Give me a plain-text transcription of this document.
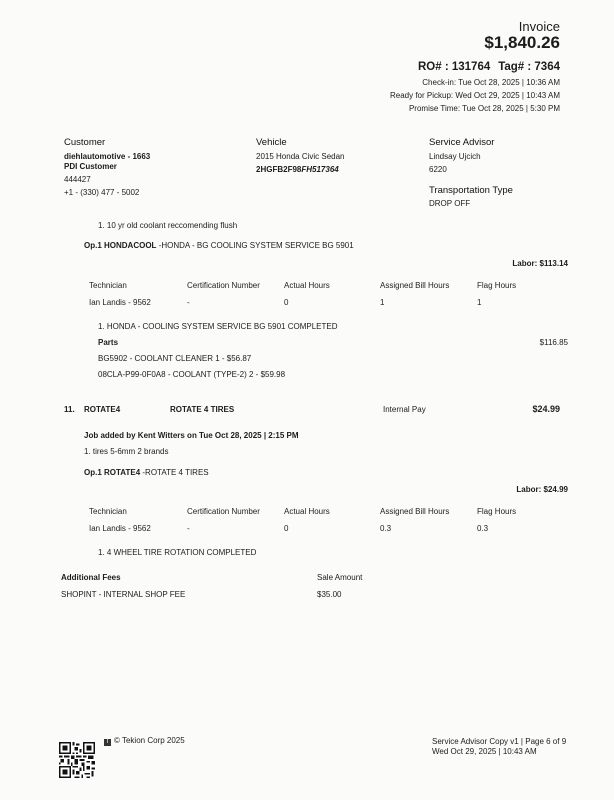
Invoice
$1,840.26
RO# : 131764 Tag# : 7364
Check-in: Tue Oct 28, 2025 | 10:36 AM
Ready for Pickup: Wed Oct 29, 2025 | 10:43 AM
Promise Time: Tue Oct 28, 2025 | 5:30 PM
Customer
diehlautomotive - 1663
PDI Customer
444427
+1 - (330) 477 - 5002
Vehicle
2015 Honda Civic Sedan
2HGFB2F98FH517364
Service Advisor
Lindsay Ujcich
6220
Transportation Type
DROP OFF
1. 10 yr old coolant reccomending flush
Op.1 HONDACOOL -HONDA - BG COOLING SYSTEM SERVICE BG 5901
Labor: $113.14
Technician	Certification Number	Actual Hours	Assigned Bill Hours	Flag Hours
Ian Landis - 9562	-	0	1	1
1. HONDA - COOLING SYSTEM SERVICE BG 5901 COMPLETED
Parts	$116.85
BG5902 - COOLANT CLEANER 1 - $56.87
08CLA-P99-0F0A8 - COOLANT (TYPE-2) 2 - $59.98
11. ROTATE4	ROTATE 4 TIRES	Internal Pay	$24.99
Job added by Kent Witters on Tue Oct 28, 2025 | 2:15 PM
1. tires 5-6mm 2 brands
Op.1 ROTATE4 -ROTATE 4 TIRES
Labor: $24.99
Technician	Certification Number	Actual Hours	Assigned Bill Hours	Flag Hours
Ian Landis - 9562	-	0	0.3	0.3
1. 4 WHEEL TIRE ROTATION COMPLETED
Additional Fees	Sale Amount
SHOPINT - INTERNAL SHOP FEE	$35.00
T © Tekion Corp 2025	Service Advisor Copy v1 | Page 6 of 9
Wed Oct 29, 2025 | 10:43 AM
